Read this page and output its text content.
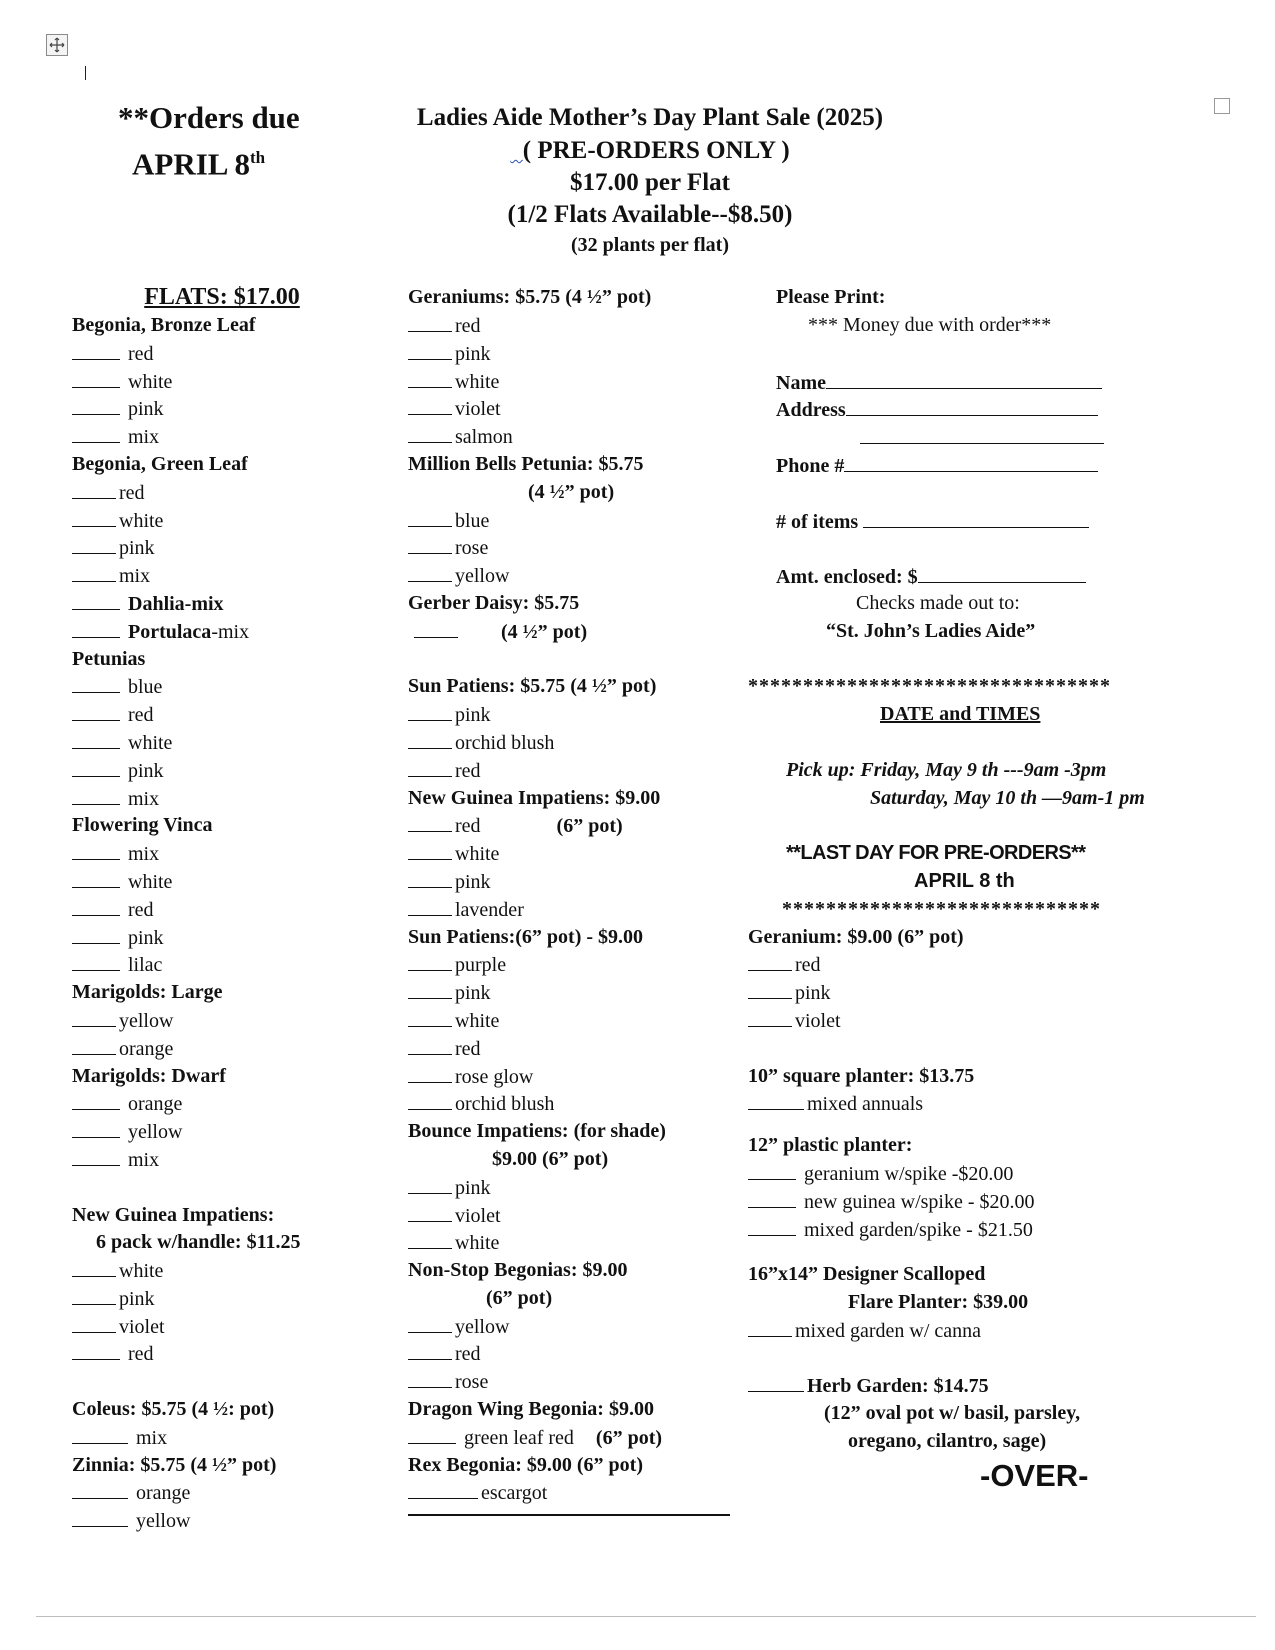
**Orders due
APRIL 8th
Ladies Aide Mother’s Day Plant Sale (2025)
( PRE-ORDERS ONLY )
$17.00 per Flat
(1/2 Flats Available--$8.50)
(32 plants per flat)
FLATS: $17.00
Begonia, Bronze Leaf
red
white
pink
mix
Begonia, Green Leaf
red
white
pink
mix
Dahlia-mix
Portulaca-mix
Petunias
blue
red
white
pink
mix
Flowering Vinca
mix
white
red
pink
lilac
Marigolds: Large
yellow
orange
Marigolds: Dwarf
orange
yellow
mix
New Guinea Impatiens:
6 pack w/handle: $11.25
white
pink
violet
red
Coleus: $5.75 (4 ½: pot)
mix
Zinnia: $5.75 (4 ½” pot)
orange
yellow
Geraniums: $5.75 (4 ½” pot)
red
pink
white
violet
salmon
Million Bells Petunia: $5.75
(4 ½” pot)
blue
rose
yellow
Gerber Daisy: $5.75
(4 ½” pot)
Sun Patiens: $5.75 (4 ½” pot)
pink
orchid blush
red
New Guinea Impatiens: $9.00
red	(6” pot)
white
pink
lavender
Sun Patiens:(6” pot) - $9.00
purple
pink
white
red
rose glow
orchid blush
Bounce Impatiens: (for shade)
$9.00 (6” pot)
pink
violet
white
Non-Stop Begonias: $9.00
(6” pot)
yellow
red
rose
Dragon Wing Begonia: $9.00
green leaf red (6” pot)
Rex Begonia: $9.00 (6” pot)
escargot
Please Print:
*** Money due with order***
Name
Address
Phone #
# of items
Amt. enclosed: $
Checks made out to:
“St. John’s Ladies Aide”
*********************************
DATE and TIMES
Pick up: Friday, May 9 th ---9am -3pm
Saturday, May 10 th —9am-1 pm
**LAST DAY FOR PRE-ORDERS**
APRIL 8 th
*****************************
Geranium: $9.00 (6” pot)
red
pink
violet
10” square planter: $13.75
mixed annuals
12” plastic planter:
geranium w/spike -$20.00
new guinea w/spike - $20.00
mixed garden/spike - $21.50
16”x14” Designer Scalloped
Flare Planter: $39.00
mixed garden w/ canna
Herb Garden: $14.75
(12” oval pot w/ basil, parsley,
oregano, cilantro, sage)
-OVER-
